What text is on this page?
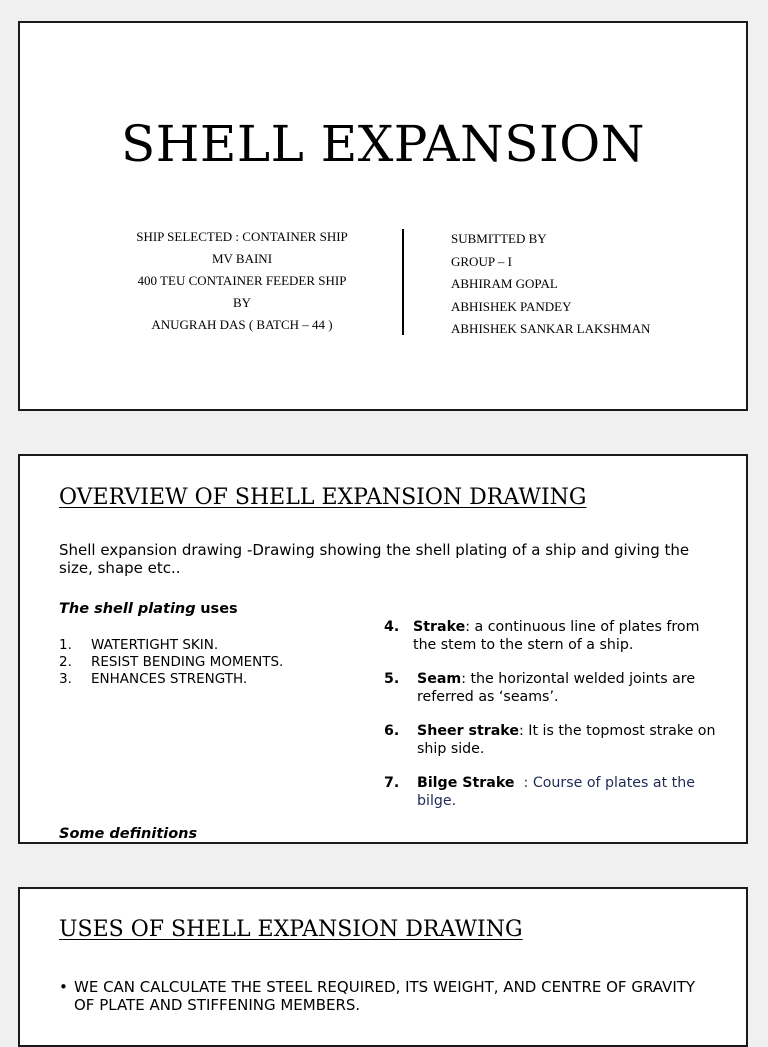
SHELL EXPANSION
SHIP SELECTED : CONTAINER SHIP
MV BAINI
400 TEU CONTAINER FEEDER SHIP
BY
ANUGRAH DAS ( BATCH – 44 )
SUBMITTED BY
GROUP – I
ABHIRAM GOPAL
ABHISHEK PANDEY
ABHISHEK SANKAR LAKSHMAN
OVERVIEW OF SHELL EXPANSION DRAWING
Shell expansion drawing -Drawing showing the shell plating of a ship and giving the size, shape etc..
The shell plating uses
1.	WATERTIGHT SKIN.
2.	RESIST BENDING MOMENTS.
3.	ENHANCES STRENGTH.
4. Strake: a continuous line of plates from the stem to the stern of a ship.
5.	Seam: the horizontal welded joints are referred as ‘seams’.
6.	Sheer strake: It is the topmost strake on ship side.
7.	Bilge Strake  : Course of plates at the bilge.
Some definitions
USES OF SHELL EXPANSION DRAWING
• WE CAN CALCULATE THE STEEL REQUIRED, ITS WEIGHT, AND CENTRE OF GRAVITY OF PLATE AND STIFFENING MEMBERS.
